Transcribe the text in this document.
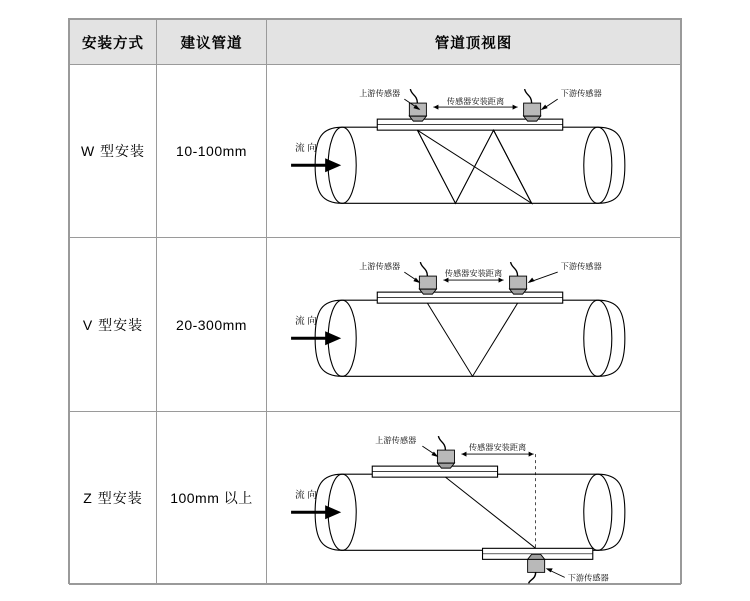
安装方式	建议管道	管道顶视图
W 型安装	10-100mm	传感器安装距离
上游传感器 下游传感器
流 向

V 型安装	20-300mm	传感器安装距离
上游传感器 下游传感器
流 向

Z 型安装	100mm 以上	传感器安装距离
上游传感器
下游传感器
流 向
